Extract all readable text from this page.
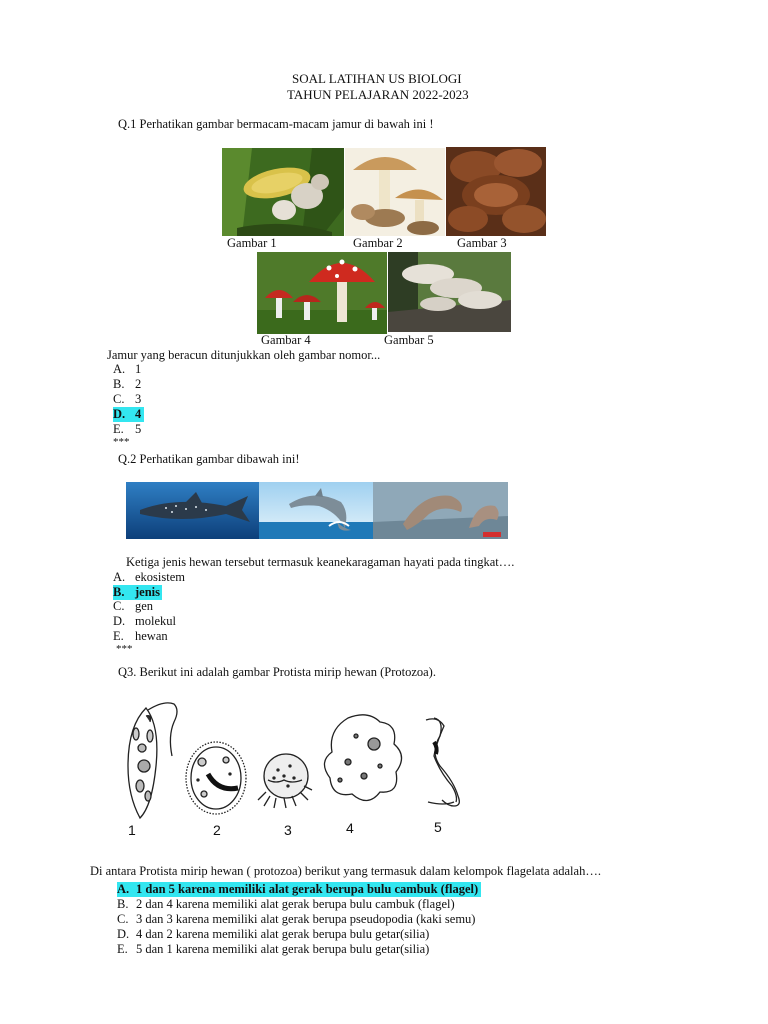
SOAL LATIHAN US BIOLOGI
TAHUN PELAJARAN 2022-2023
Q.1 Perhatikan gambar bermacam-macam jamur di bawah ini !
Gambar 1	Gambar 2	Gambar 3
Gambar 4	Gambar 5
Jamur yang beracun ditunjukkan oleh gambar nomor...
A. 1
B. 2
C. 3
D. 4
E. 5
***
Q.2 Perhatikan gambar dibawah ini!
Ketiga jenis hewan tersebut termasuk keanekaragaman hayati pada tingkat….
A. ekosistem
B. jenis
C. gen
D. molekul
E. hewan
***
Q3. Berikut ini adalah gambar Protista mirip hewan (Protozoa).
1	2	3	4	5
Di antara Protista mirip hewan ( protozoa) berikut yang termasuk dalam kelompok flagelata adalah….
A. 1 dan 5 karena memiliki alat gerak berupa bulu cambuk (flagel)
B. 2 dan 4 karena memiliki alat gerak berupa bulu cambuk (flagel)
C. 3 dan 3 karena memiliki alat gerak berupa pseudopodia (kaki semu)
D. 4 dan 2 karena memiliki alat gerak berupa bulu getar(silia)
E. 5 dan 1 karena memiliki alat gerak berupa bulu getar(silia)
